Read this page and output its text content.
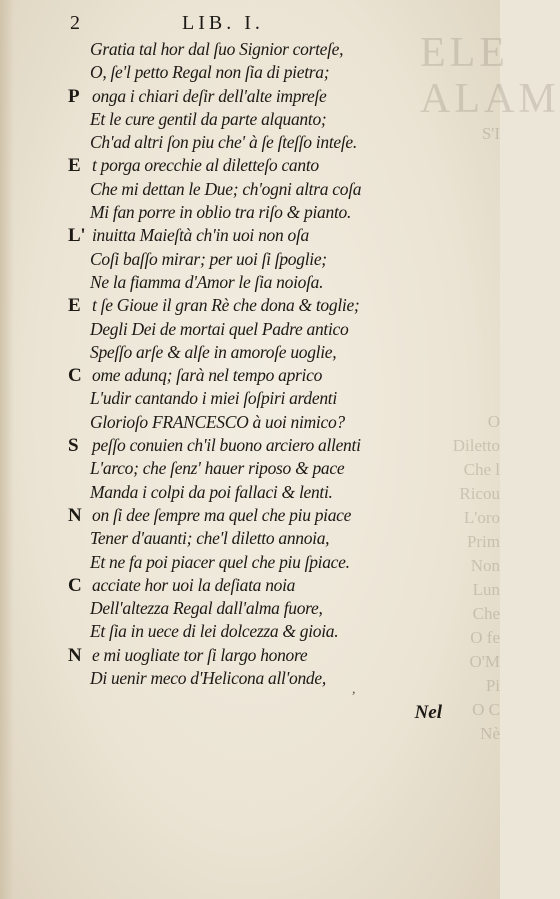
ELE
ALAM
S'I

O
Diletto
Che l
Ricou
L'oro
Prim
Non
Lun
Che
O fe
O'M
Pi
O C
Nè
2	LIB. I.
Gratia tal hor dal ſuo Signior corteſe,
O, ſe'l petto Regal non ſia di pietra;
P onga i chiari deſir dell'alte impreſe
Et le cure gentil da parte alquanto;
Ch'ad altri ſon piu che' à ſe ſteſſo inteſe.
E t porga orecchie al diletteſo canto
Che mi dettan le Due; ch'ogni altra coſa
Mi fan porre in oblio tra riſo & pianto.
L' inuitta Maieſtà ch'in uoi non oſa
Coſi baſſo mirar; per uoi ſi ſpoglie;
Ne la fiamma d'Amor le ſia noioſa.
E t ſe Gioue il gran Rè che dona & toglie;
Degli Dei de mortai quel Padre antico
Speſſo arſe & alſe in amoroſe uoglie,
C ome adunq; ſarà nel tempo aprico
L'udir cantando i miei ſoſpiri ardenti
Glorioſo FRANCESCO à uoi nimico?
S peſſo conuien ch'il buono arciero allenti
L'arco; che ſenz' hauer riposo & pace
Manda i colpi da poi fallaci & lenti.
N on ſi dee ſempre ma quel che piu piace
Tener d'auanti; che'l diletto annoia,
Et ne fa poi piacer quel che piu ſpiace.
C acciate hor uoi la deſiata noia
Dell'altezza Regal dall'alma fuore,
Et ſia in uece di lei dolcezza & gioia.
N e mi uogliate tor ſi largo honore
Di uenir meco d'Helicona all'onde,
,
Nel
